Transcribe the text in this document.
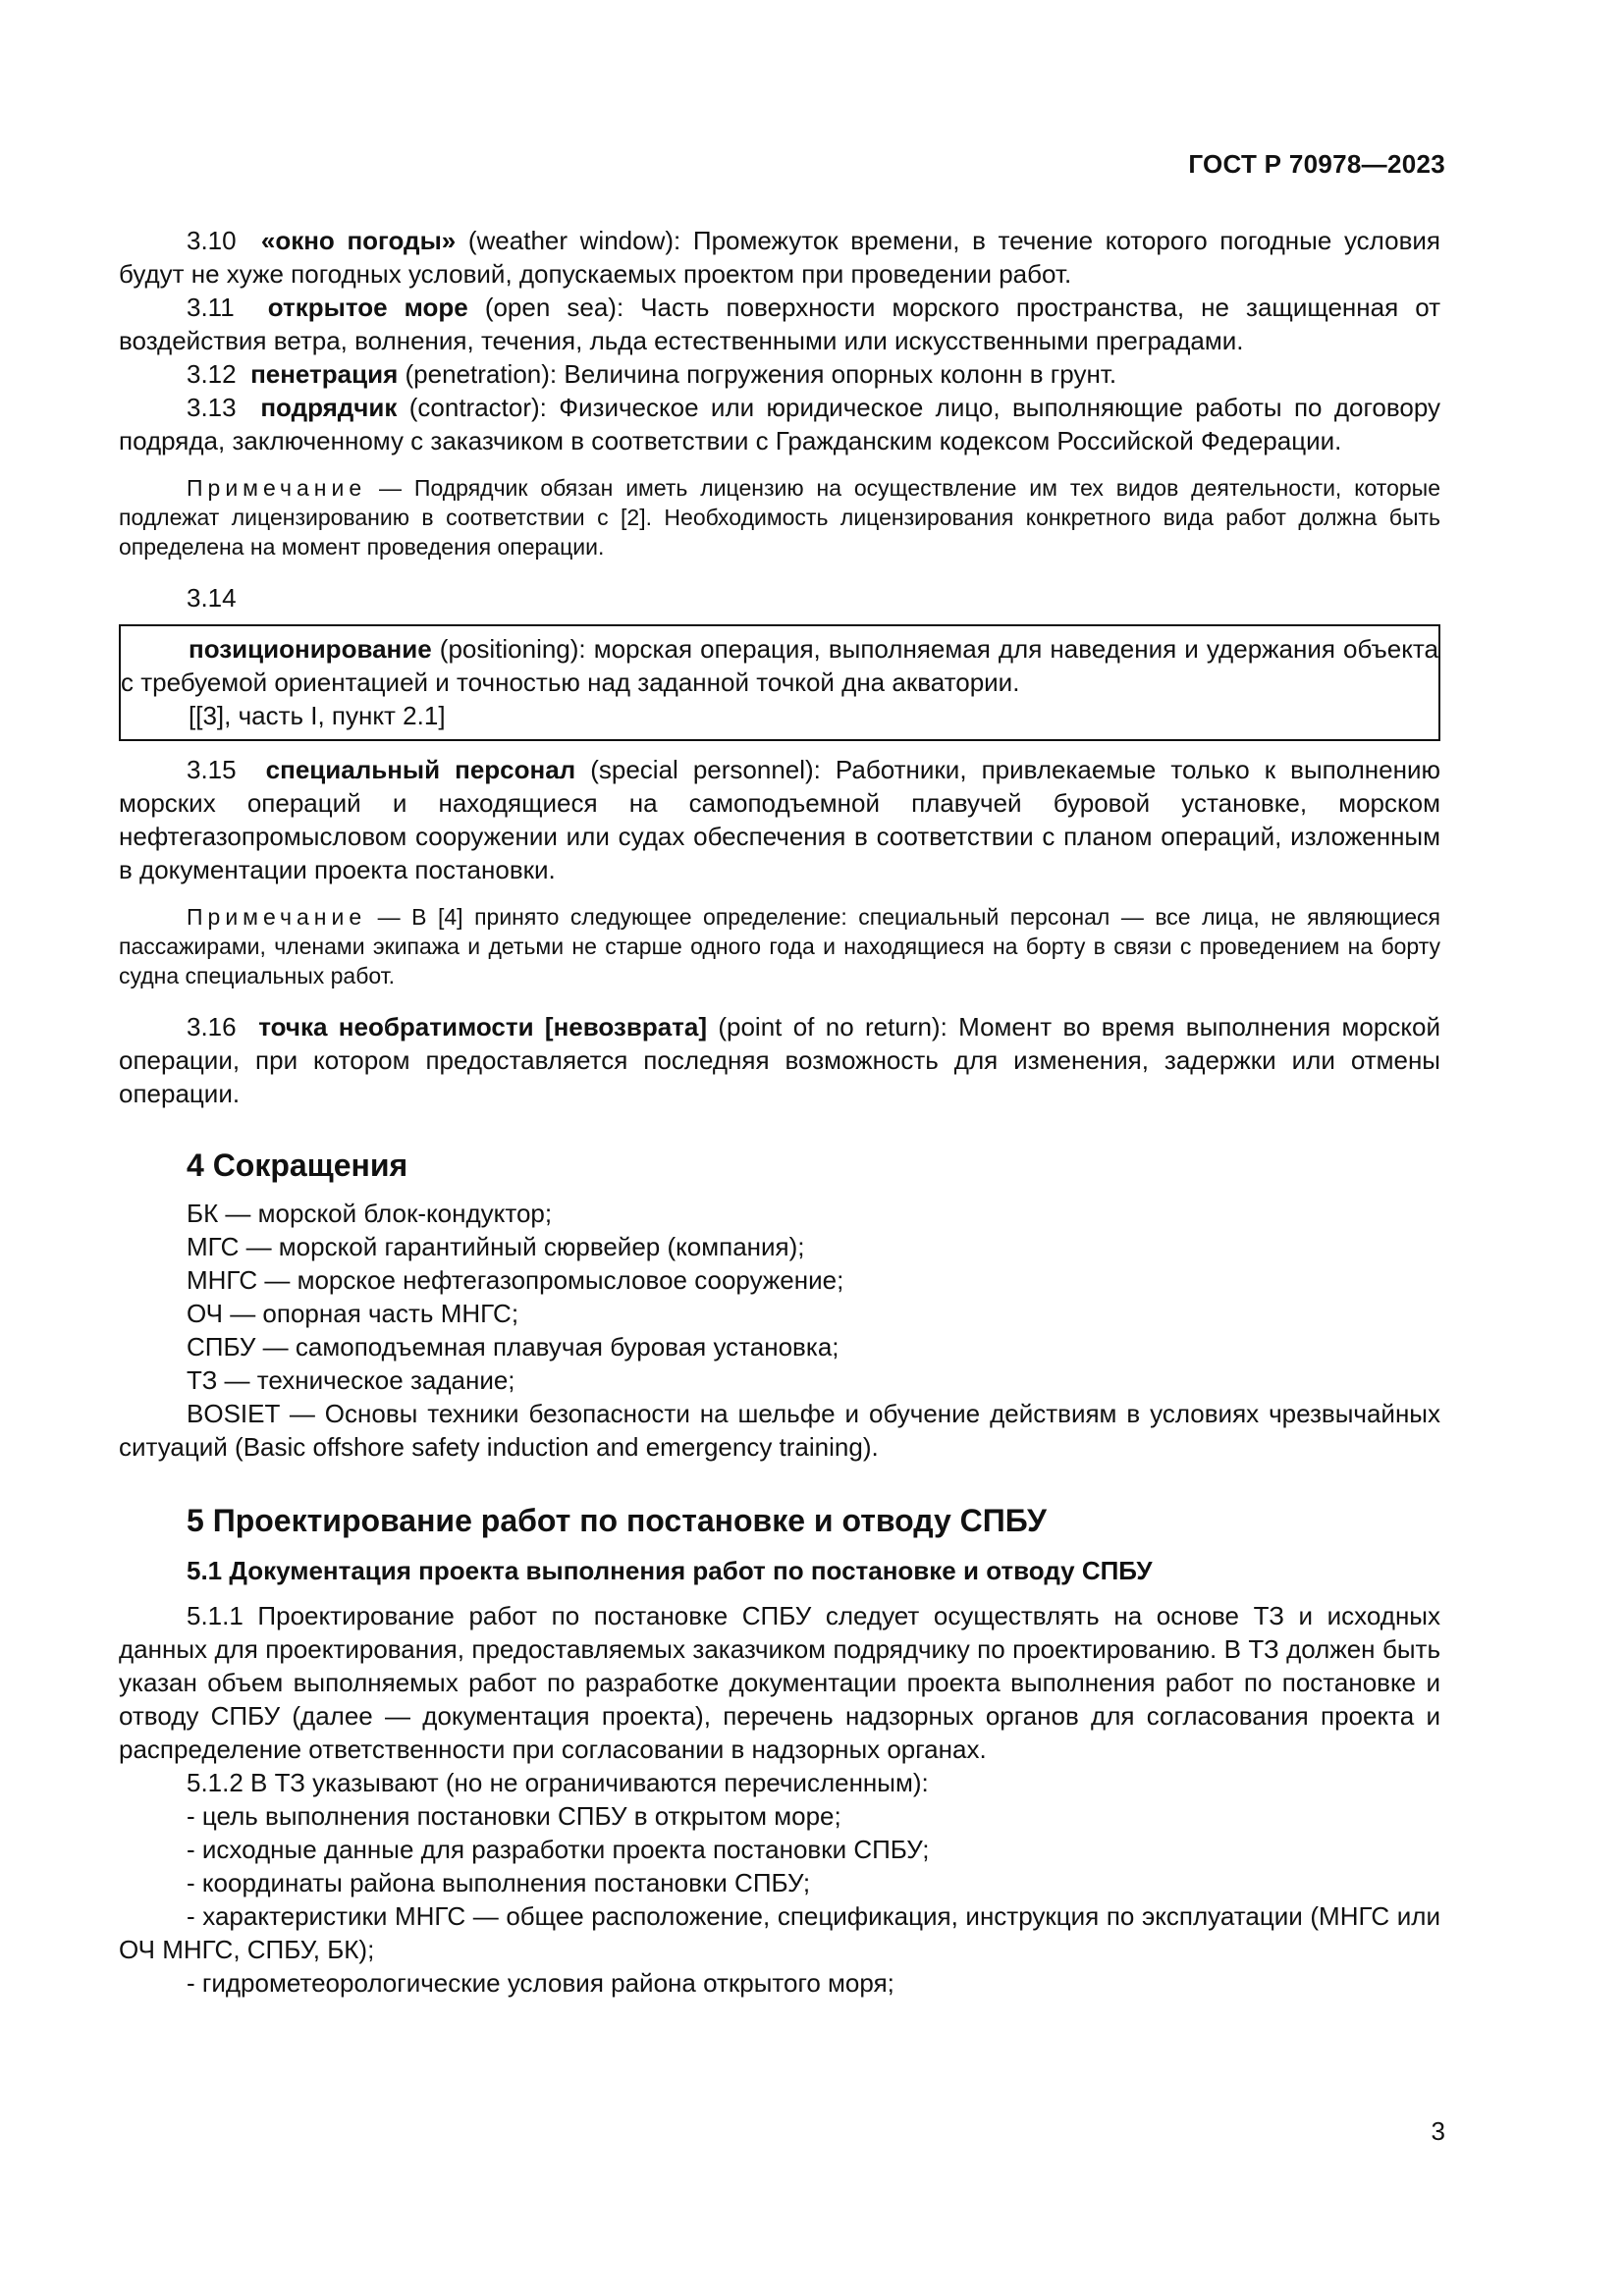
ГОСТ Р 70978—2023

3.10 «окно погоды» (weather window): Промежуток времени, в течение которого погодные условия будут не хуже погодных условий, допускаемых проектом при проведении работ.

3.11 открытое море (open sea): Часть поверхности морского пространства, не защищенная от воздействия ветра, волнения, течения, льда естественными или искусственными преградами.

3.12 пенетрация (penetration): Величина погружения опорных колонн в грунт.

3.13 подрядчик (contractor): Физическое или юридическое лицо, выполняющие работы по договору подряда, заключенному с заказчиком в соответствии с Гражданским кодексом Российской Федерации.

Примечание — Подрядчик обязан иметь лицензию на осуществление им тех видов деятельности, которые подлежат лицензированию в соответствии с [2]. Необходимость лицензирования конкретного вида работ должна быть определена на момент проведения операции.

3.14

позиционирование (positioning): морская операция, выполняемая для наведения и удержания объекта с требуемой ориентацией и точностью над заданной точкой дна акватории.

[[3], часть I, пункт 2.1]

3.15 специальный персонал (special personnel): Работники, привлекаемые только к выполнению морских операций и находящиеся на самоподъемной плавучей буровой установке, морском нефтегазопромысловом сооружении или судах обеспечения в соответствии с планом операций, изложенным в документации проекта постановки.

Примечание — В [4] принято следующее определение: специальный персонал — все лица, не являющиеся пассажирами, членами экипажа и детьми не старше одного года и находящиеся на борту в связи с проведением на борту судна специальных работ.

3.16 точка необратимости [невозврата] (point of no return): Момент во время выполнения морской операции, при котором предоставляется последняя возможность для изменения, задержки или отмены операции.

4 Сокращения

БК — морской блок-кондуктор;

МГС — морской гарантийный сюрвейер (компания);

МНГС — морское нефтегазопромысловое сооружение;

ОЧ — опорная часть МНГС;

СПБУ — самоподъемная плавучая буровая установка;

ТЗ — техническое задание;

BOSIET — Основы техники безопасности на шельфе и обучение действиям в условиях чрезвычайных ситуаций (Basic offshore safety induction and emergency training).

5 Проектирование работ по постановке и отводу СПБУ
5.1 Документация проекта выполнения работ по постановке и отводу СПБУ

5.1.1 Проектирование работ по постановке СПБУ следует осуществлять на основе ТЗ и исходных данных для проектирования, предоставляемых заказчиком подрядчику по проектированию. В ТЗ должен быть указан объем выполняемых работ по разработке документации проекта выполнения работ по постановке и отводу СПБУ (далее — документация проекта), перечень надзорных органов для согласования проекта и распределение ответственности при согласовании в надзорных органах.

5.1.2 В ТЗ указывают (но не ограничиваются перечисленным):

- цель выполнения постановки СПБУ в открытом море;

- исходные данные для разработки проекта постановки СПБУ;

- координаты района выполнения постановки СПБУ;

- характеристики МНГС — общее расположение, спецификация, инструкция по эксплуатации (МНГС или ОЧ МНГС, СПБУ, БК);

- гидрометеорологические условия района открытого моря;

3
